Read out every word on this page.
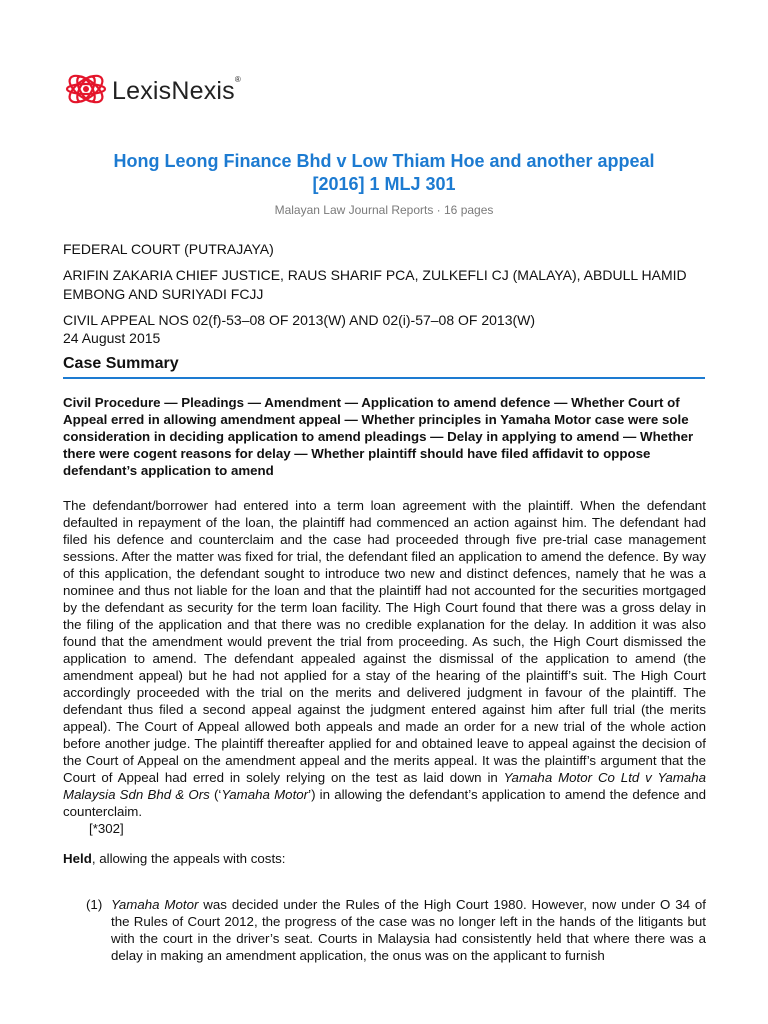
LexisNexis®
Hong Leong Finance Bhd v Low Thiam Hoe and another appeal
[2016] 1 MLJ 301
Malayan Law Journal Reports · 16 pages
FEDERAL COURT (PUTRAJAYA)
ARIFIN ZAKARIA CHIEF JUSTICE, RAUS SHARIF PCA, ZULKEFLI CJ (MALAYA), ABDULL HAMID EMBONG AND SURIYADI FCJJ
CIVIL APPEAL NOS 02(f)-53–08 OF 2013(W) AND 02(i)-57–08 OF 2013(W)
24 August 2015
Case Summary
Civil Procedure — Pleadings — Amendment — Application to amend defence — Whether Court of Appeal erred in allowing amendment appeal — Whether principles in Yamaha Motor case were sole consideration in deciding application to amend pleadings — Delay in applying to amend — Whether there were cogent reasons for delay — Whether plaintiff should have filed affidavit to oppose defendant’s application to amend
The defendant/borrower had entered into a term loan agreement with the plaintiff. When the defendant defaulted in repayment of the loan, the plaintiff had commenced an action against him. The defendant had filed his defence and counterclaim and the case had proceeded through five pre-trial case management sessions. After the matter was fixed for trial, the defendant filed an application to amend the defence. By way of this application, the defendant sought to introduce two new and distinct defences, namely that he was a nominee and thus not liable for the loan and that the plaintiff had not accounted for the securities mortgaged by the defendant as security for the term loan facility. The High Court found that there was a gross delay in the filing of the application and that there was no credible explanation for the delay. In addition it was also found that the amendment would prevent the trial from proceeding. As such, the High Court dismissed the application to amend. The defendant appealed against the dismissal of the application to amend (the amendment appeal) but he had not applied for a stay of the hearing of the plaintiff’s suit. The High Court accordingly proceeded with the trial on the merits and delivered judgment in favour of the plaintiff. The defendant thus filed a second appeal against the judgment entered against him after full trial (the merits appeal). The Court of Appeal allowed both appeals and made an order for a new trial of the whole action before another judge. The plaintiff thereafter applied for and obtained leave to appeal against the decision of the Court of Appeal on the amendment appeal and the merits appeal. It was the plaintiff’s argument that the Court of Appeal had erred in solely relying on the test as laid down in Yamaha Motor Co Ltd v Yamaha Malaysia Sdn Bhd & Ors (‘Yamaha Motor’) in allowing the defendant’s application to amend the defence and counterclaim.
[*302]
Held, allowing the appeals with costs:
(1) Yamaha Motor was decided under the Rules of the High Court 1980. However, now under O 34 of the Rules of Court 2012, the progress of the case was no longer left in the hands of the litigants but with the court in the driver’s seat. Courts in Malaysia had consistently held that where there was a delay in making an amendment application, the onus was on the applicant to furnish
